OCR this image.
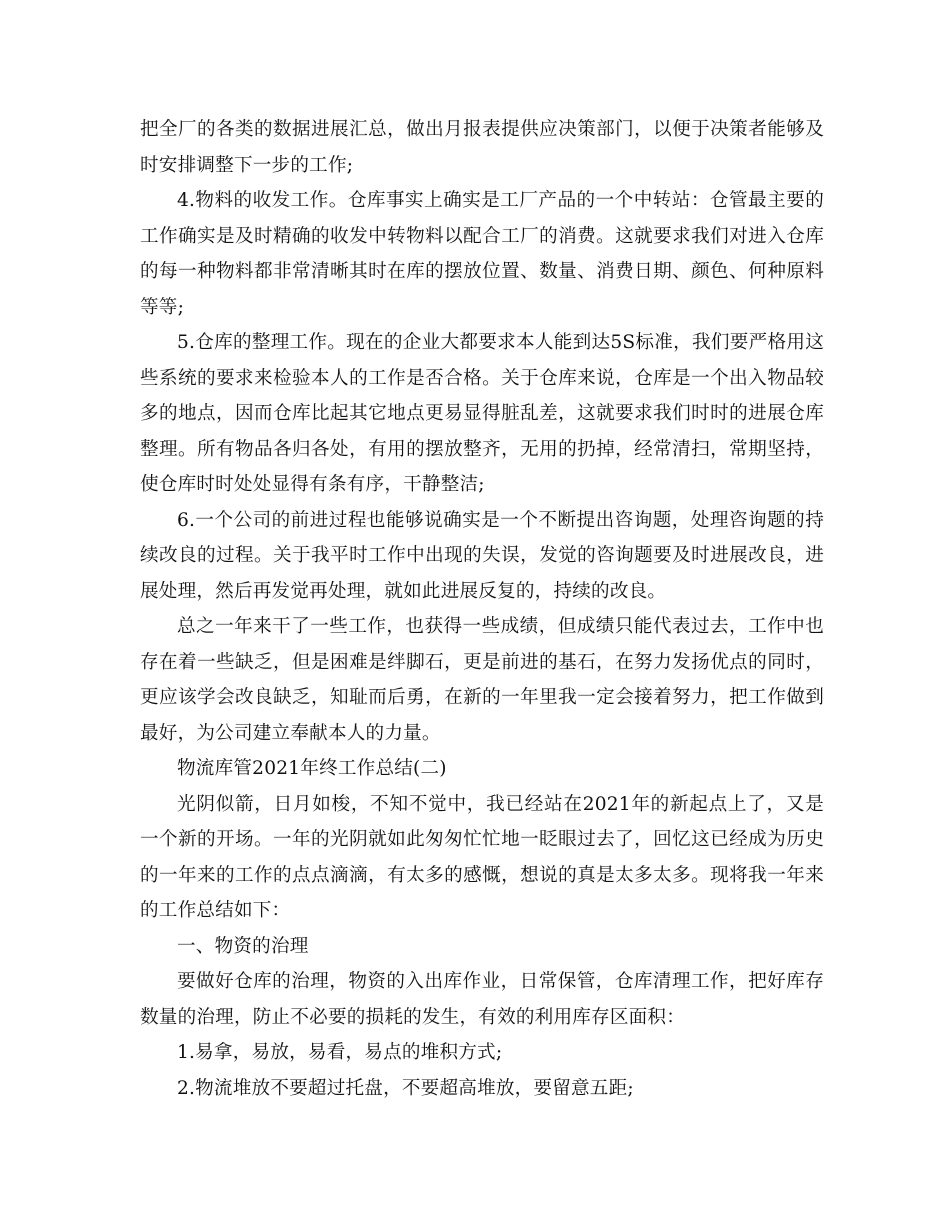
把全厂的各类的数据进展汇总，做出月报表提供应决策部门，以便于决策者能够及时安排调整下一步的工作;

4.物料的收发工作。仓库事实上确实是工厂产品的一个中转站：仓管最主要的工作确实是及时精确的收发中转物料以配合工厂的消费。这就要求我们对进入仓库的每一种物料都非常清晰其时在库的摆放位置、数量、消费日期、颜色、何种原料等等;

5.仓库的整理工作。现在的企业大都要求本人能到达5S标准，我们要严格用这些系统的要求来检验本人的工作是否合格。关于仓库来说，仓库是一个出入物品较多的地点，因而仓库比起其它地点更易显得脏乱差，这就要求我们时时的进展仓库整理。所有物品各归各处，有用的摆放整齐，无用的扔掉，经常清扫，常期坚持，使仓库时时处处显得有条有序，干静整洁;

6.一个公司的前进过程也能够说确实是一个不断提出咨询题，处理咨询题的持续改良的过程。关于我平时工作中出现的失误，发觉的咨询题要及时进展改良，进展处理，然后再发觉再处理，就如此进展反复的，持续的改良。

总之一年来干了一些工作，也获得一些成绩，但成绩只能代表过去，工作中也存在着一些缺乏，但是困难是绊脚石，更是前进的基石，在努力发扬优点的同时，更应该学会改良缺乏，知耻而后勇，在新的一年里我一定会接着努力，把工作做到最好，为公司建立奉献本人的力量。

物流库管2021年终工作总结(二)

光阴似箭，日月如梭，不知不觉中，我已经站在2021年的新起点上了，又是一个新的开场。一年的光阴就如此匆匆忙忙地一眨眼过去了，回忆这已经成为历史的一年来的工作的点点滴滴，有太多的感慨，想说的真是太多太多。现将我一年来的工作总结如下：

一、物资的治理

要做好仓库的治理，物资的入出库作业，日常保管，仓库清理工作，把好库存数量的治理，防止不必要的损耗的发生，有效的利用库存区面积：

1.易拿，易放，易看，易点的堆积方式;

2.物流堆放不要超过托盘，不要超高堆放，要留意五距;
